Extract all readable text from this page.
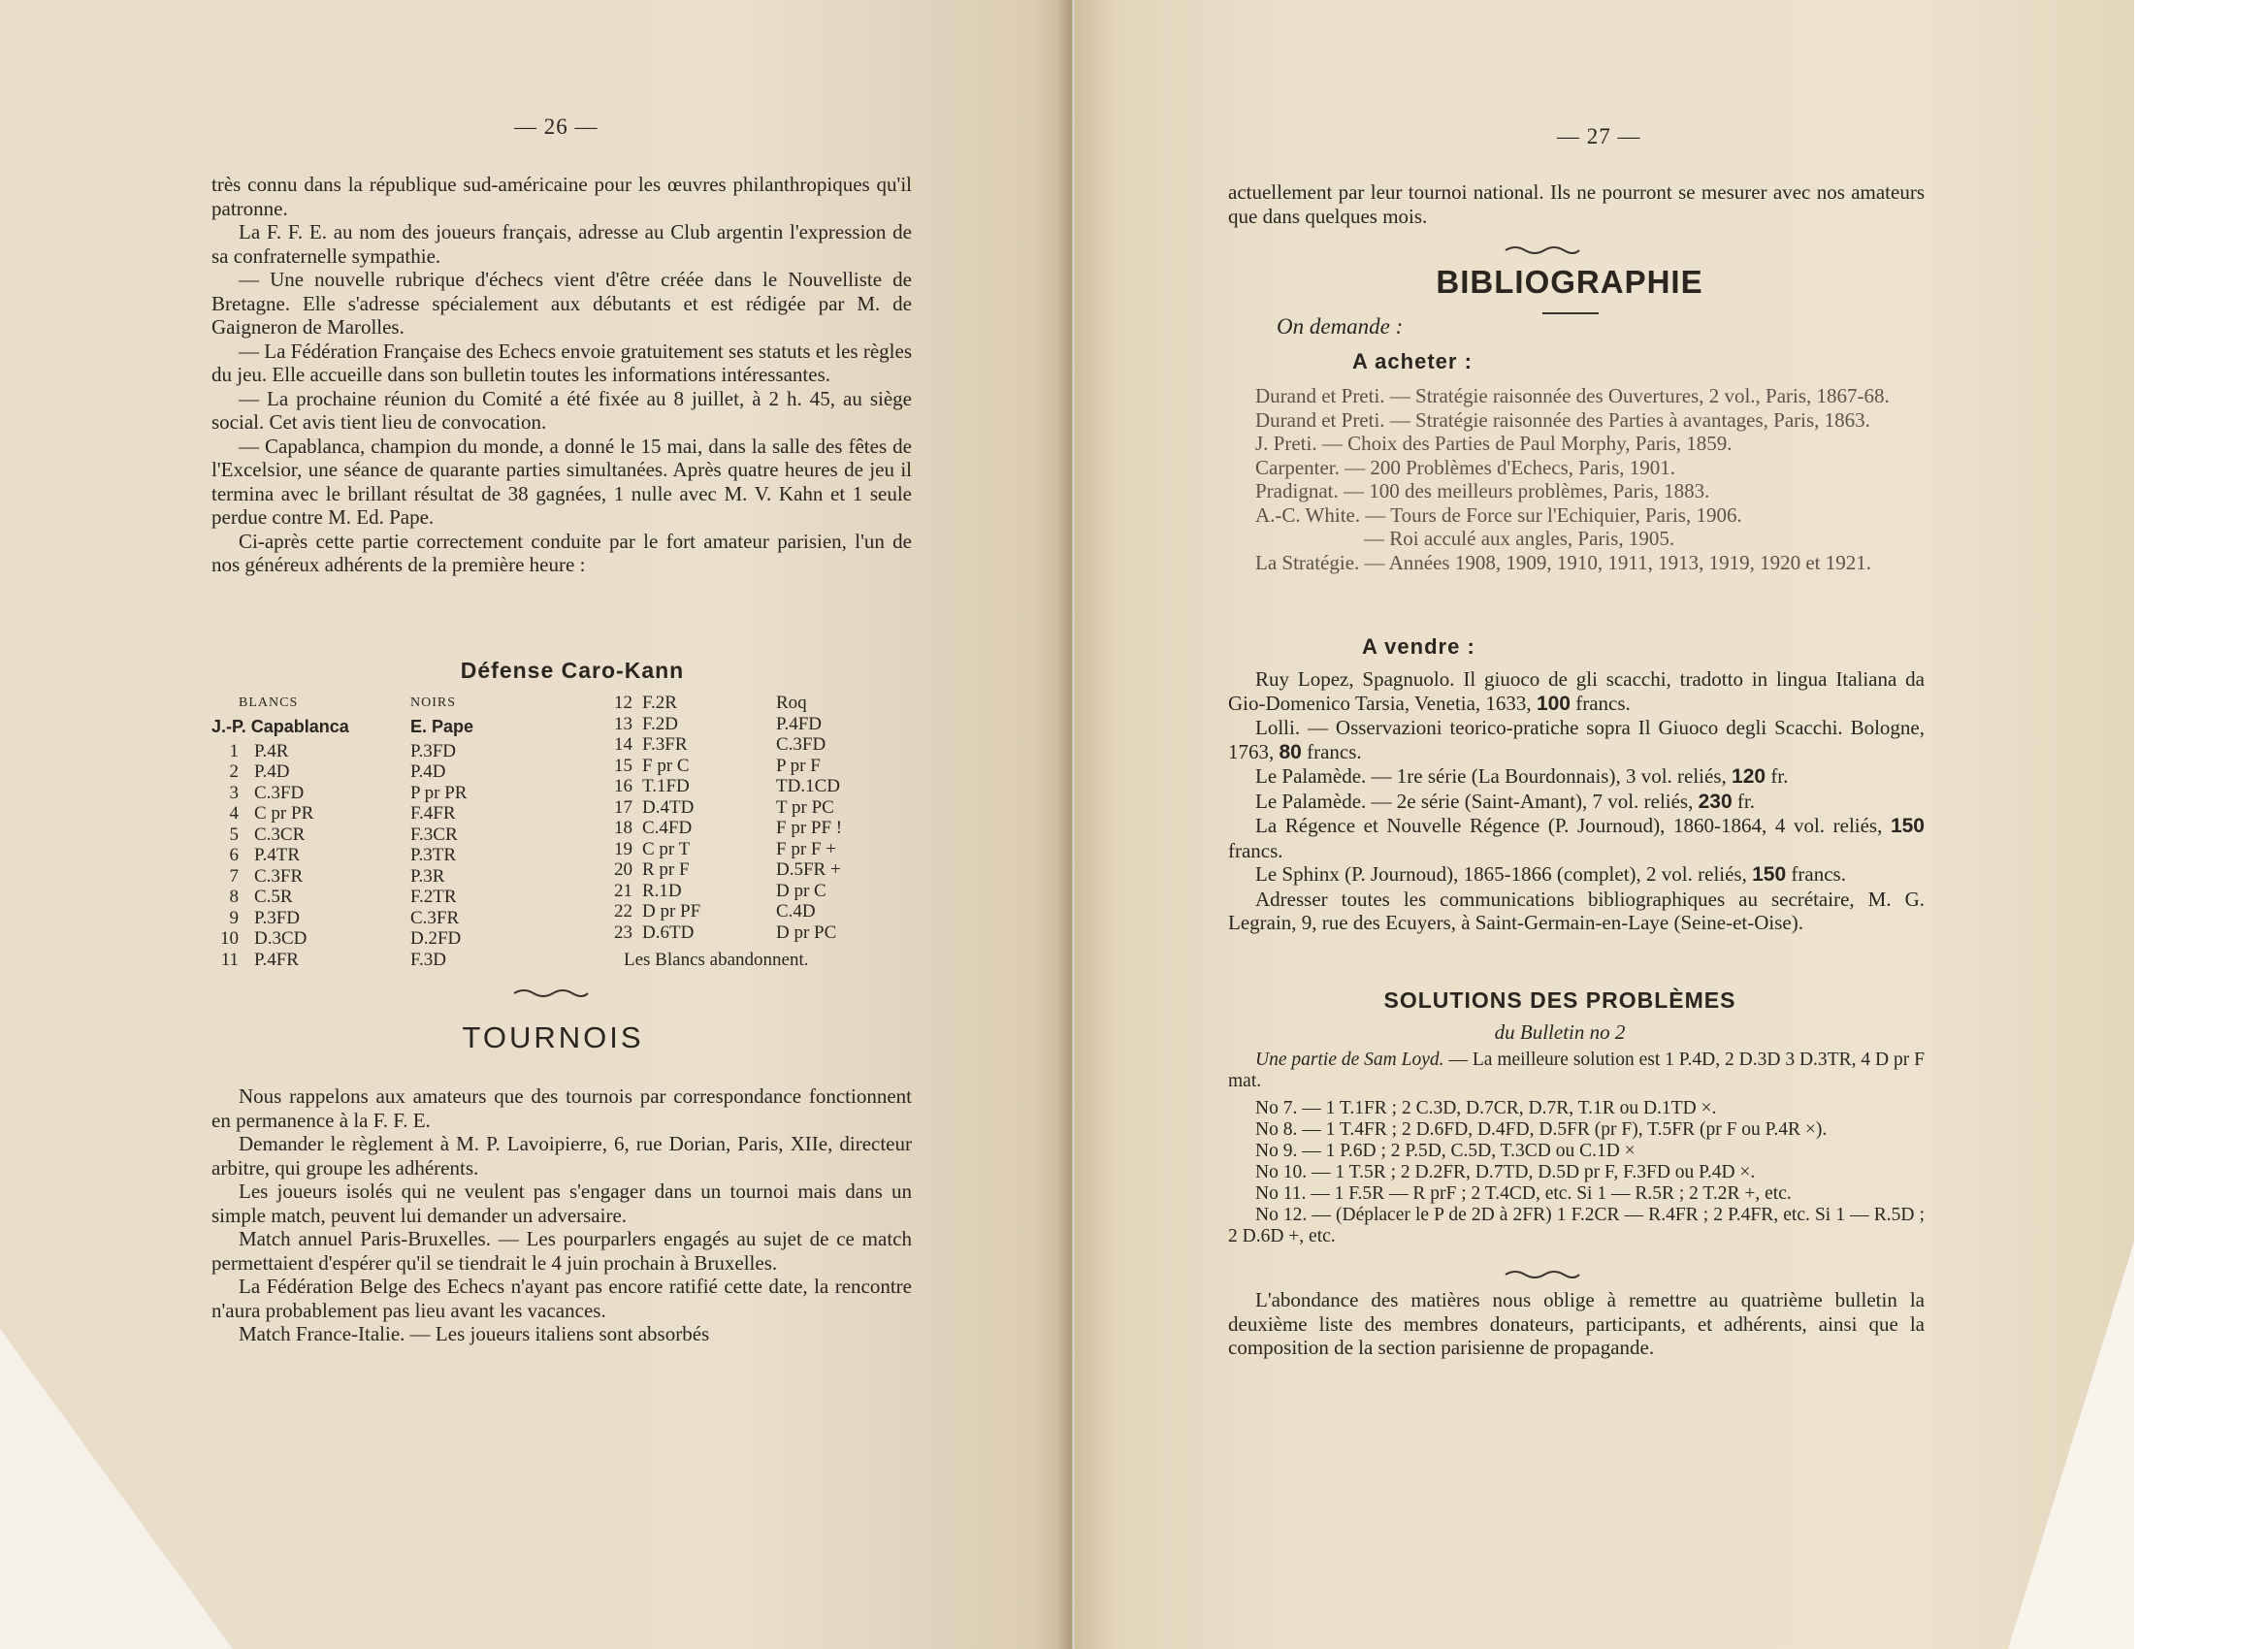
— 26 —

très connu dans la république sud-américaine pour les œuvres philanthropiques qu'il patronne.

La F. F. E. au nom des joueurs français, adresse au Club argentin l'expression de sa confraternelle sympathie.

— Une nouvelle rubrique d'échecs vient d'être créée dans le Nouvelliste de Bretagne. Elle s'adresse spécialement aux débutants et est rédigée par M. de Gaigneron de Marolles.

— La Fédération Française des Echecs envoie gratuitement ses statuts et les règles du jeu. Elle accueille dans son bulletin toutes les informations intéressantes.

— La prochaine réunion du Comité a été fixée au 8 juillet, à 2 h. 45, au siège social. Cet avis tient lieu de convocation.

— Capablanca, champion du monde, a donné le 15 mai, dans la salle des fêtes de l'Excelsior, une séance de quarante parties simultanées. Après quatre heures de jeu il termina avec le brillant résultat de 38 gagnées, 1 nulle avec M. V. Kahn et 1 seule perdue contre M. Ed. Pape.

Ci-après cette partie correctement conduite par le fort amateur parisien, l'un de nos généreux adhérents de la première heure :

Défense Caro-Kann
BLANCS	NOIRS
J.-P. Capablanca	E. Pape
1 P.4R	P.3FD
2 P.4D	P.4D
3 C.3FD	P pr PR
4 C pr PR	F.4FR
5 C.3CR	F.3CR
6 P.4TR	P.3TR
7 C.3FR	P.3R
8 C.5R	F.2TR
9 P.3FD	C.3FR
10 D.3CD	D.2FD
11 P.4FR	F.3D
12 F.2R	Roq
13 F.2D	P.4FD
14 F.3FR	C.3FD
15 F pr C	P pr F
16 T.1FD	TD.1CD
17 D.4TD	T pr PC
18 C.4FD	F pr PF !
19 C pr T	F pr F +
20 R pr F	D.5FR +
21 R.1D	D pr C
22 D pr PF	C.4D
23 D.6TD	D pr PC
Les Blancs abandonnent.
TOURNOIS

Nous rappelons aux amateurs que des tournois par correspondance fonctionnent en permanence à la F. F. E.

Demander le règlement à M. P. Lavoipierre, 6, rue Dorian, Paris, XIIe, directeur arbitre, qui groupe les adhérents.

Les joueurs isolés qui ne veulent pas s'engager dans un tournoi mais dans un simple match, peuvent lui demander un adversaire.

Match annuel Paris-Bruxelles. — Les pourparlers engagés au sujet de ce match permettaient d'espérer qu'il se tiendrait le 4 juin prochain à Bruxelles.

La Fédération Belge des Echecs n'ayant pas encore ratifié cette date, la rencontre n'aura probablement pas lieu avant les vacances.

Match France-Italie. — Les joueurs italiens sont absorbés

— 27 —
actuellement par leur tournoi national. Ils ne pourront se mesurer avec nos amateurs que dans quelques mois.
BIBLIOGRAPHIE
On demande :
A acheter :

Durand et Preti. — Stratégie raisonnée des Ouvertures, 2 vol., Paris, 1867-68.

Durand et Preti. — Stratégie raisonnée des Parties à avantages, Paris, 1863.

J. Preti. — Choix des Parties de Paul Morphy, Paris, 1859.

Carpenter. — 200 Problèmes d'Echecs, Paris, 1901.

Pradignat. — 100 des meilleurs problèmes, Paris, 1883.

A.-C. White. — Tours de Force sur l'Echiquier, Paris, 1906.

— Roi acculé aux angles, Paris, 1905.

La Stratégie. — Années 1908, 1909, 1910, 1911, 1913, 1919, 1920 et 1921.

A vendre :

Ruy Lopez, Spagnuolo. Il giuoco de gli scacchi, tradotto in lingua Italiana da Gio-Domenico Tarsia, Venetia, 1633, 100 francs.

Lolli. — Osservazioni teorico-pratiche sopra Il Giuoco degli Scacchi. Bologne, 1763, 80 francs.

Le Palamède. — 1re série (La Bourdonnais), 3 vol. reliés, 120 fr.

Le Palamède. — 2e série (Saint-Amant), 7 vol. reliés, 230 fr.

La Régence et Nouvelle Régence (P. Journoud), 1860-1864, 4 vol. reliés, 150 francs.

Le Sphinx (P. Journoud), 1865-1866 (complet), 2 vol. reliés, 150 francs.

Adresser toutes les communications bibliographiques au secrétaire, M. G. Legrain, 9, rue des Ecuyers, à Saint-Germain-en-Laye (Seine-et-Oise).

SOLUTIONS DES PROBLÈMES
du Bulletin no 2

Une partie de Sam Loyd. — La meilleure solution est 1 P.4D, 2 D.3D 3 D.3TR, 4 D pr F mat.

No 7. — 1 T.1FR ; 2 C.3D, D.7CR, D.7R, T.1R ou D.1TD ×.

No 8. — 1 T.4FR ; 2 D.6FD, D.4FD, D.5FR (pr F), T.5FR (pr F ou P.4R ×).

No 9. — 1 P.6D ; 2 P.5D, C.5D, T.3CD ou C.1D ×

No 10. — 1 T.5R ; 2 D.2FR, D.7TD, D.5D pr F, F.3FD ou P.4D ×.

No 11. — 1 F.5R — R prF ; 2 T.4CD, etc. Si 1 — R.5R ; 2 T.2R +, etc.

No 12. — (Déplacer le P de 2D à 2FR) 1 F.2CR — R.4FR ; 2 P.4FR, etc. Si 1 — R.5D ; 2 D.6D +, etc.

L'abondance des matières nous oblige à remettre au quatrième bulletin la deuxième liste des membres donateurs, participants, et adhérents, ainsi que la composition de la section parisienne de propagande.
